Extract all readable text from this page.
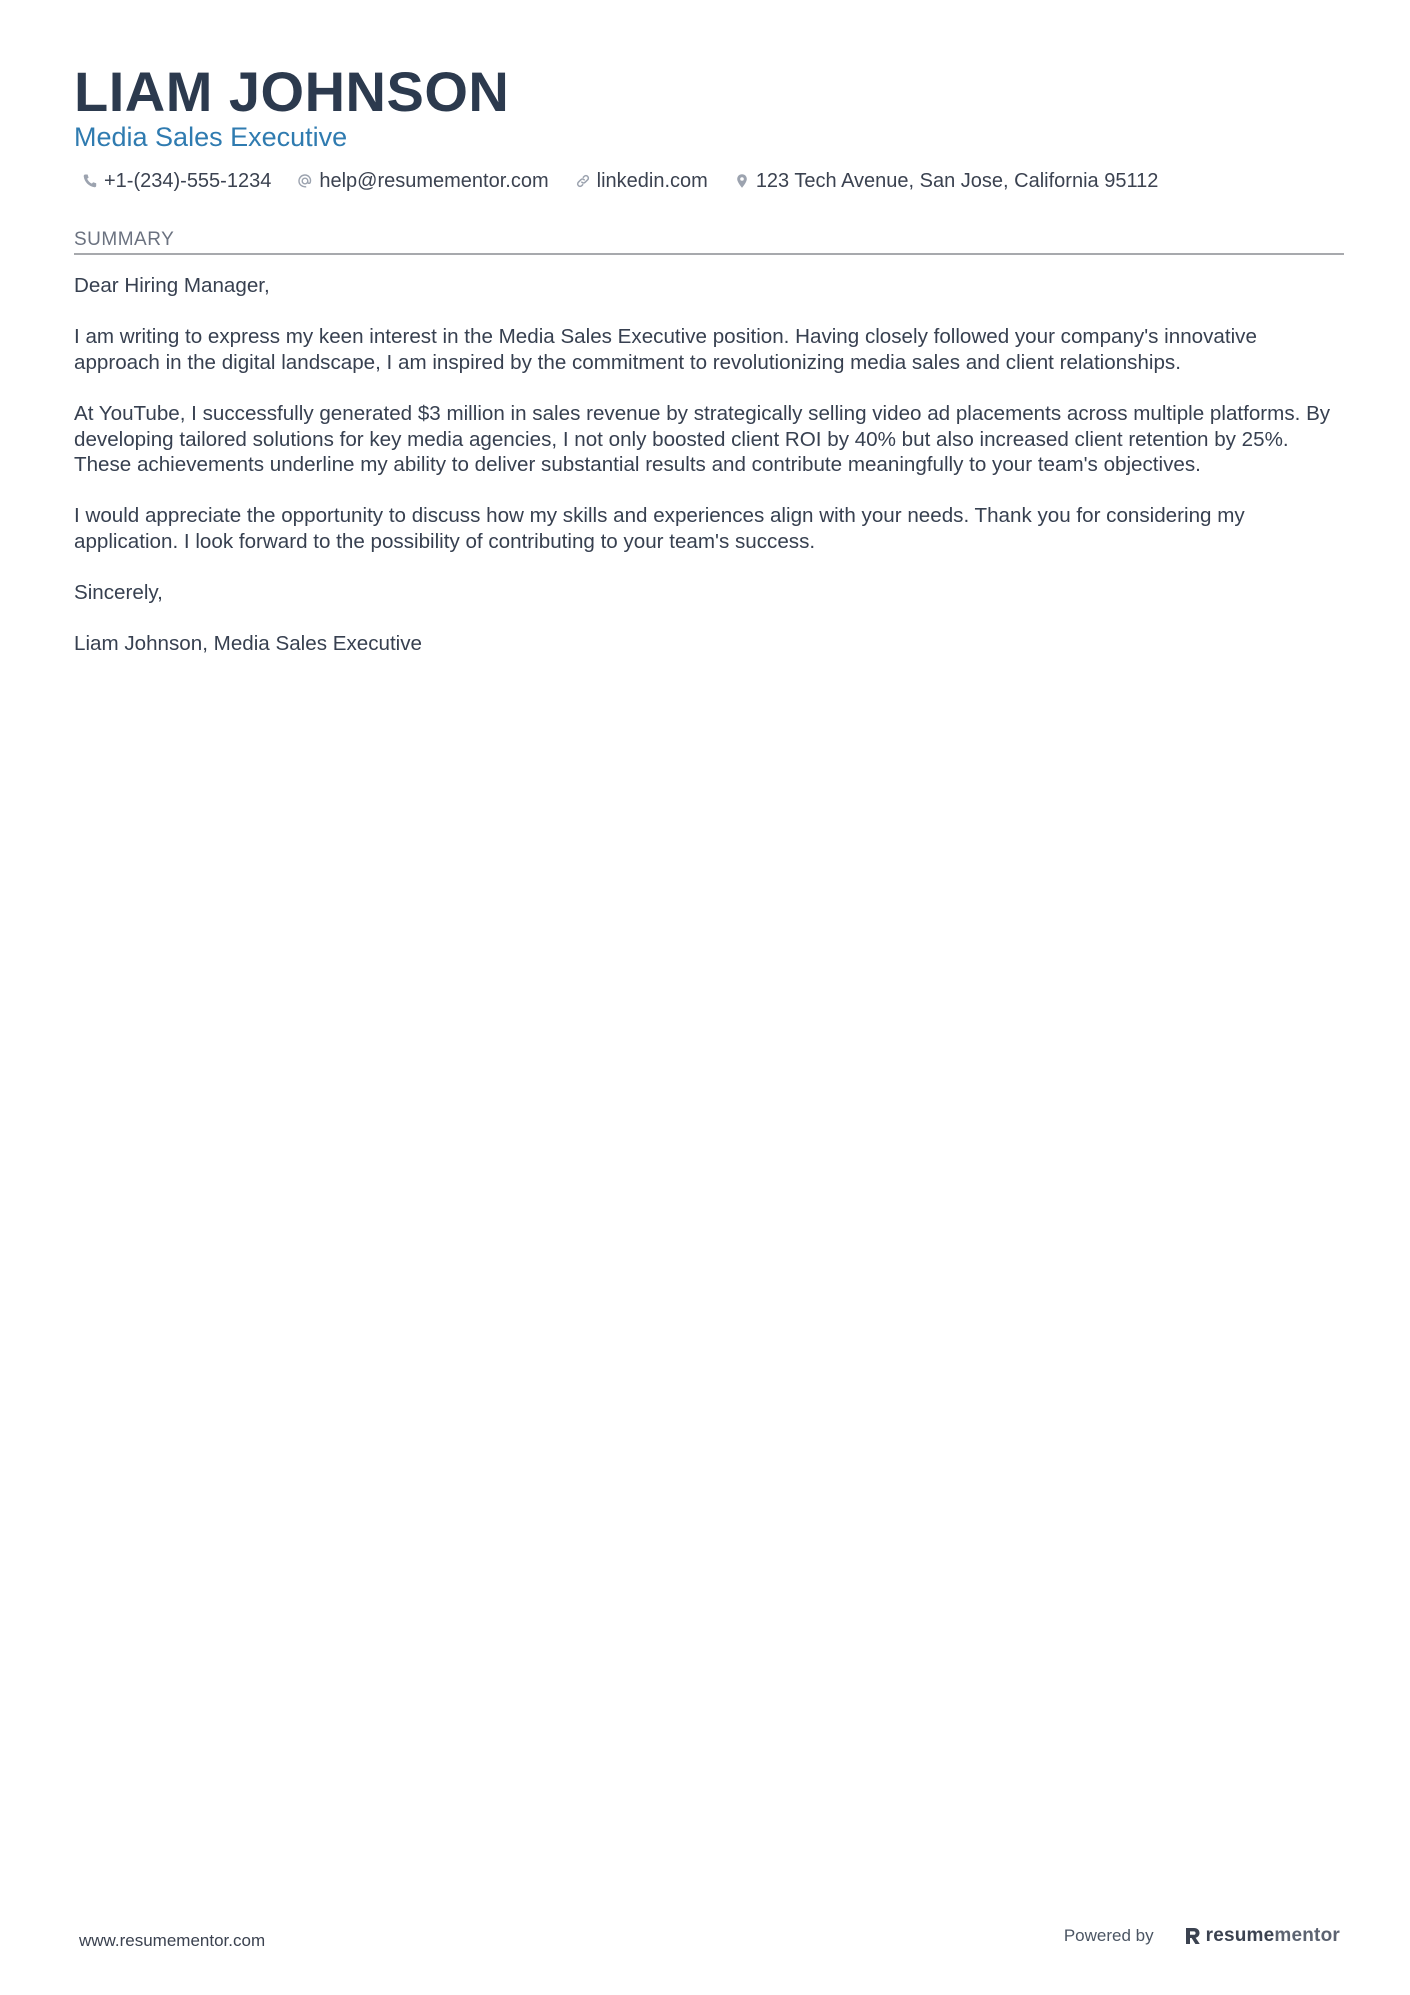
LIAM JOHNSON
Media Sales Executive
+1-(234)-555-1234 help@resumementor.com linkedin.com 123 Tech Avenue, San Jose, California 95112
SUMMARY

Dear Hiring Manager,

I am writing to express my keen interest in the Media Sales Executive position. Having closely followed your company's innovative approach in the digital landscape, I am inspired by the commitment to revolutionizing media sales and client relationships.

At YouTube, I successfully generated $3 million in sales revenue by strategically selling video ad placements across multiple platforms. By developing tailored solutions for key media agencies, I not only boosted client ROI by 40% but also increased client retention by 25%. These achievements underline my ability to deliver substantial results and contribute meaningfully to your team's objectives.

I would appreciate the opportunity to discuss how my skills and experiences align with your needs. Thank you for considering my application. I look forward to the possibility of contributing to your team's success.

Sincerely,

Liam Johnson, Media Sales Executive

www.resumementor.com	Powered by	resumementor
